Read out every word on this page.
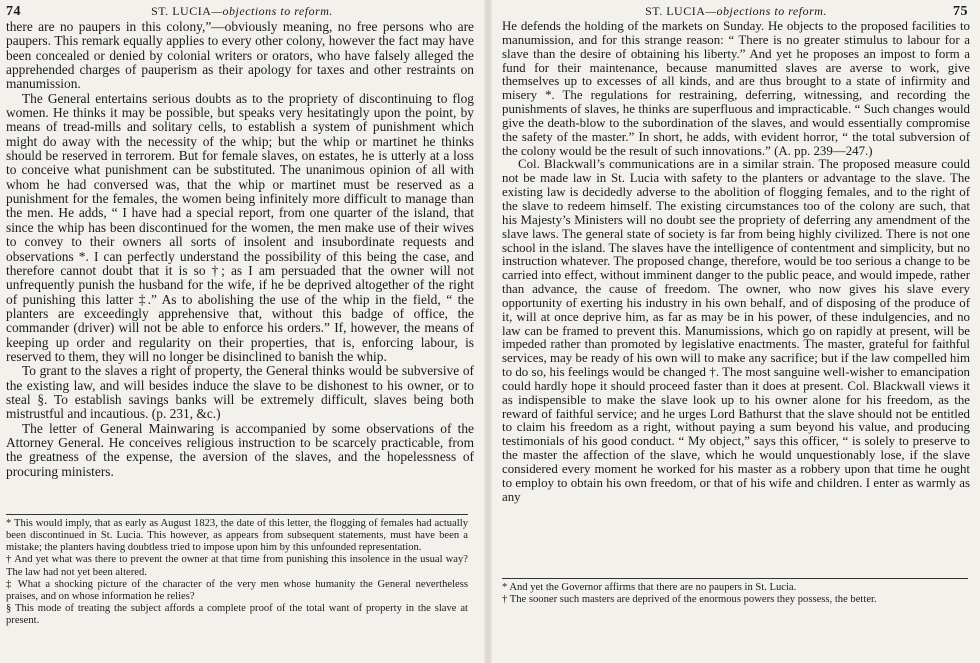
74	ST. LUCIA—objections to reform.

there are no paupers in this colony,”—obviously meaning, no free persons who are paupers. This remark equally applies to every other colony, however the fact may have been concealed or denied by colonial writers or orators, who have falsely alleged the apprehended charges of pauperism as their apology for taxes and other restraints on manumission.

The General entertains serious doubts as to the propriety of discontinuing to flog women. He thinks it may be possible, but speaks very hesitatingly upon the point, by means of tread-mills and solitary cells, to establish a system of punishment which might do away with the necessity of the whip; but the whip or martinet he thinks should be reserved in terrorem. But for female slaves, on estates, he is utterly at a loss to conceive what punishment can be substituted. The unanimous opinion of all with whom he had conversed was, that the whip or martinet must be reserved as a punishment for the females, the women being infinitely more difficult to manage than the men. He adds, “ I have had a special report, from one quarter of the island, that since the whip has been discontinued for the women, the men make use of their wives to convey to their owners all sorts of insolent and insubordinate requests and observations *. I can perfectly understand the possibility of this being the case, and therefore cannot doubt that it is so †; as I am persuaded that the owner will not unfrequently punish the husband for the wife, if he be deprived altogether of the right of punishing this latter ‡.” As to abolishing the use of the whip in the field, “ the planters are exceedingly apprehensive that, without this badge of office, the commander (driver) will not be able to enforce his orders.” If, however, the means of keeping up order and regularity on their properties, that is, enforcing labour, is reserved to them, they will no longer be disinclined to banish the whip.

To grant to the slaves a right of property, the General thinks would be subversive of the existing law, and will besides induce the slave to be dishonest to his owner, or to steal §. To establish savings banks will be extremely difficult, slaves being both mistrustful and incautious. (p. 231, &c.)

The letter of General Mainwaring is accompanied by some observations of the Attorney General. He conceives religious instruction to be scarcely practicable, from the greatness of the expense, the aversion of the slaves, and the hopelessness of procuring ministers.

* This would imply, that as early as August 1823, the date of this letter, the flogging of females had actually been discontinued in St. Lucia. This however, as appears from subsequent statements, must have been a mistake; the planters having doubtless tried to impose upon him by this unfounded representation.

† And yet what was there to prevent the owner at that time from punishing this insolence in the usual way? The law had not yet been altered.

‡ What a shocking picture of the character of the very men whose humanity the General nevertheless praises, and on whose information he relies?

§ This mode of treating the subject affords a complete proof of the total want of property in the slave at present.

ST. LUCIA—objections to reform.	75

He defends the holding of the markets on Sunday. He objects to the proposed facilities to manumission, and for this strange reason: “ There is no greater stimulus to labour for a slave than the desire of obtaining his liberty.” And yet he proposes an impost to form a fund for their maintenance, because manumitted slaves are averse to work, give themselves up to excesses of all kinds, and are thus brought to a state of infirmity and misery *. The regulations for restraining, deferring, witnessing, and recording the punishments of slaves, he thinks are superfluous and impracticable. “ Such changes would give the death-blow to the subordination of the slaves, and would essentially compromise the safety of the master.” In short, he adds, with evident horror, “ the total subversion of the colony would be the result of such innovations.” (A. pp. 239—247.)

Col. Blackwall’s communications are in a similar strain. The proposed measure could not be made law in St. Lucia with safety to the planters or advantage to the slave. The existing law is decidedly adverse to the abolition of flogging females, and to the right of the slave to redeem himself. The existing circumstances too of the colony are such, that his Majesty’s Ministers will no doubt see the propriety of deferring any amendment of the slave laws. The general state of society is far from being highly civilized. There is not one school in the island. The slaves have the intelligence of contentment and simplicity, but no instruction whatever. The proposed change, therefore, would be too serious a change to be carried into effect, without imminent danger to the public peace, and would impede, rather than advance, the cause of freedom. The owner, who now gives his slave every opportunity of exerting his industry in his own behalf, and of disposing of the produce of it, will at once deprive him, as far as may be in his power, of these indulgencies, and no law can be framed to prevent this. Manumissions, which go on rapidly at present, will be impeded rather than promoted by legislative enactments. The master, grateful for faithful services, may be ready of his own will to make any sacrifice; but if the law compelled him to do so, his feelings would be changed †. The most sanguine well-wisher to emancipation could hardly hope it should proceed faster than it does at present. Col. Blackwall views it as indispensible to make the slave look up to his owner alone for his freedom, as the reward of faithful service; and he urges Lord Bathurst that the slave should not be entitled to claim his freedom as a right, without paying a sum beyond his value, and producing testimonials of his good conduct. “ My object,” says this officer, “ is solely to preserve to the master the affection of the slave, which he would unquestionably lose, if the slave considered every moment he worked for his master as a robbery upon that time he ought to employ to obtain his own freedom, or that of his wife and children. I enter as warmly as any

* And yet the Governor affirms that there are no paupers in St. Lucia.

† The sooner such masters are deprived of the enormous powers they possess, the better.
